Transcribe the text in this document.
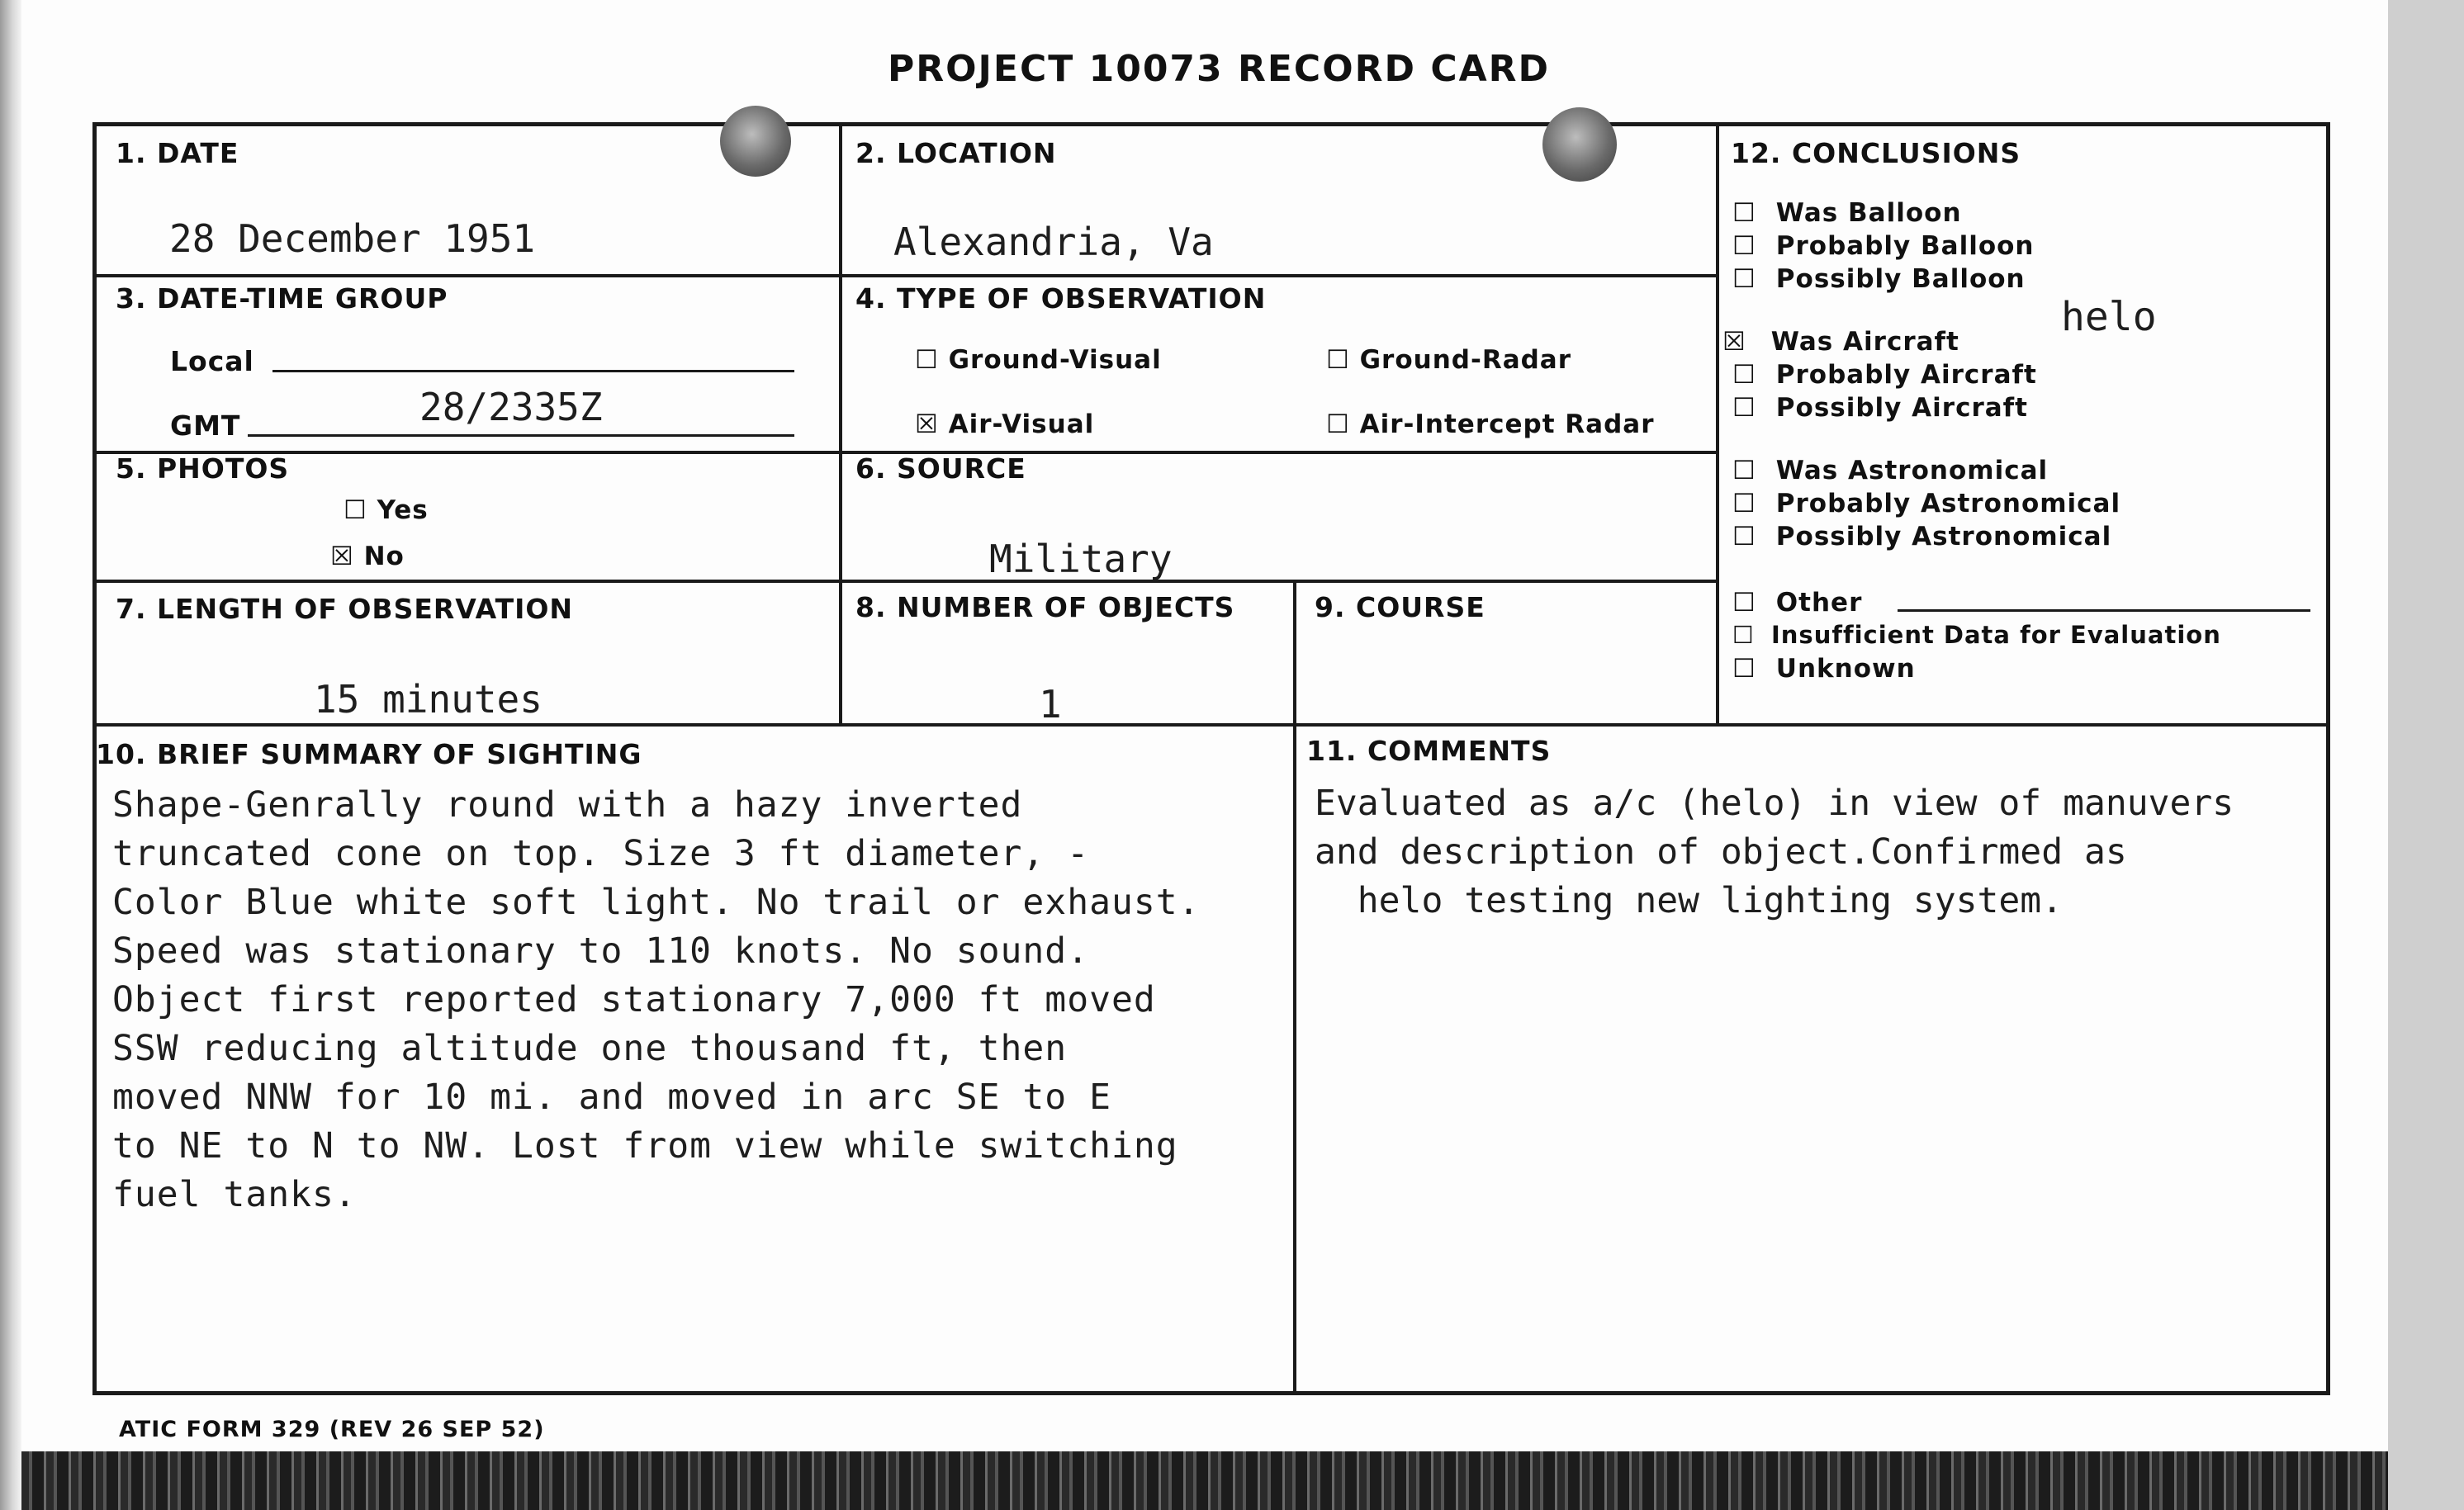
PROJECT 10073 RECORD CARD
1. DATE
28 December 1951
2. LOCATION
Alexandria, Va
3. DATE-TIME GROUP
Local
GMT	28/2335Z
4. TYPE OF OBSERVATION
☐ Ground-Visual	☐ Ground-Radar
☒ Air-Visual	☐ Air-Intercept Radar
5. PHOTOS
☐ Yes
☒ No
6. SOURCE
Military
7. LENGTH OF OBSERVATION
15 minutes
8. NUMBER OF OBJECTS
1
9. COURSE
10. BRIEF SUMMARY OF SIGHTING
Shape-Genrally round with a hazy inverted
truncated cone on top. Size 3 ft diameter, -
Color Blue white soft light. No trail or exhaust.
Speed was stationary to 110 knots. No sound.
Object first reported stationary 7,000 ft moved
SSW reducing altitude one thousand ft, then
moved NNW for 10 mi. and moved in arc SE to E
to NE to N to NW. Lost from view while switching
fuel tanks.
11. COMMENTS
Evaluated as a/c (helo) in view of manuvers
and description of object.Confirmed as
helo testing new lighting system.
12. CONCLUSIONS
helo
☐ Was Balloon
☐ Probably Balloon
☐ Possibly Balloon
☒ Was Aircraft
☐ Probably Aircraft
☐ Possibly Aircraft
☐ Was Astronomical
☐ Probably Astronomical
☐ Possibly Astronomical
☐ Other
☐ Insufficient Data for Evaluation
☐ Unknown
ATIC FORM 329 (REV 26 SEP 52)
